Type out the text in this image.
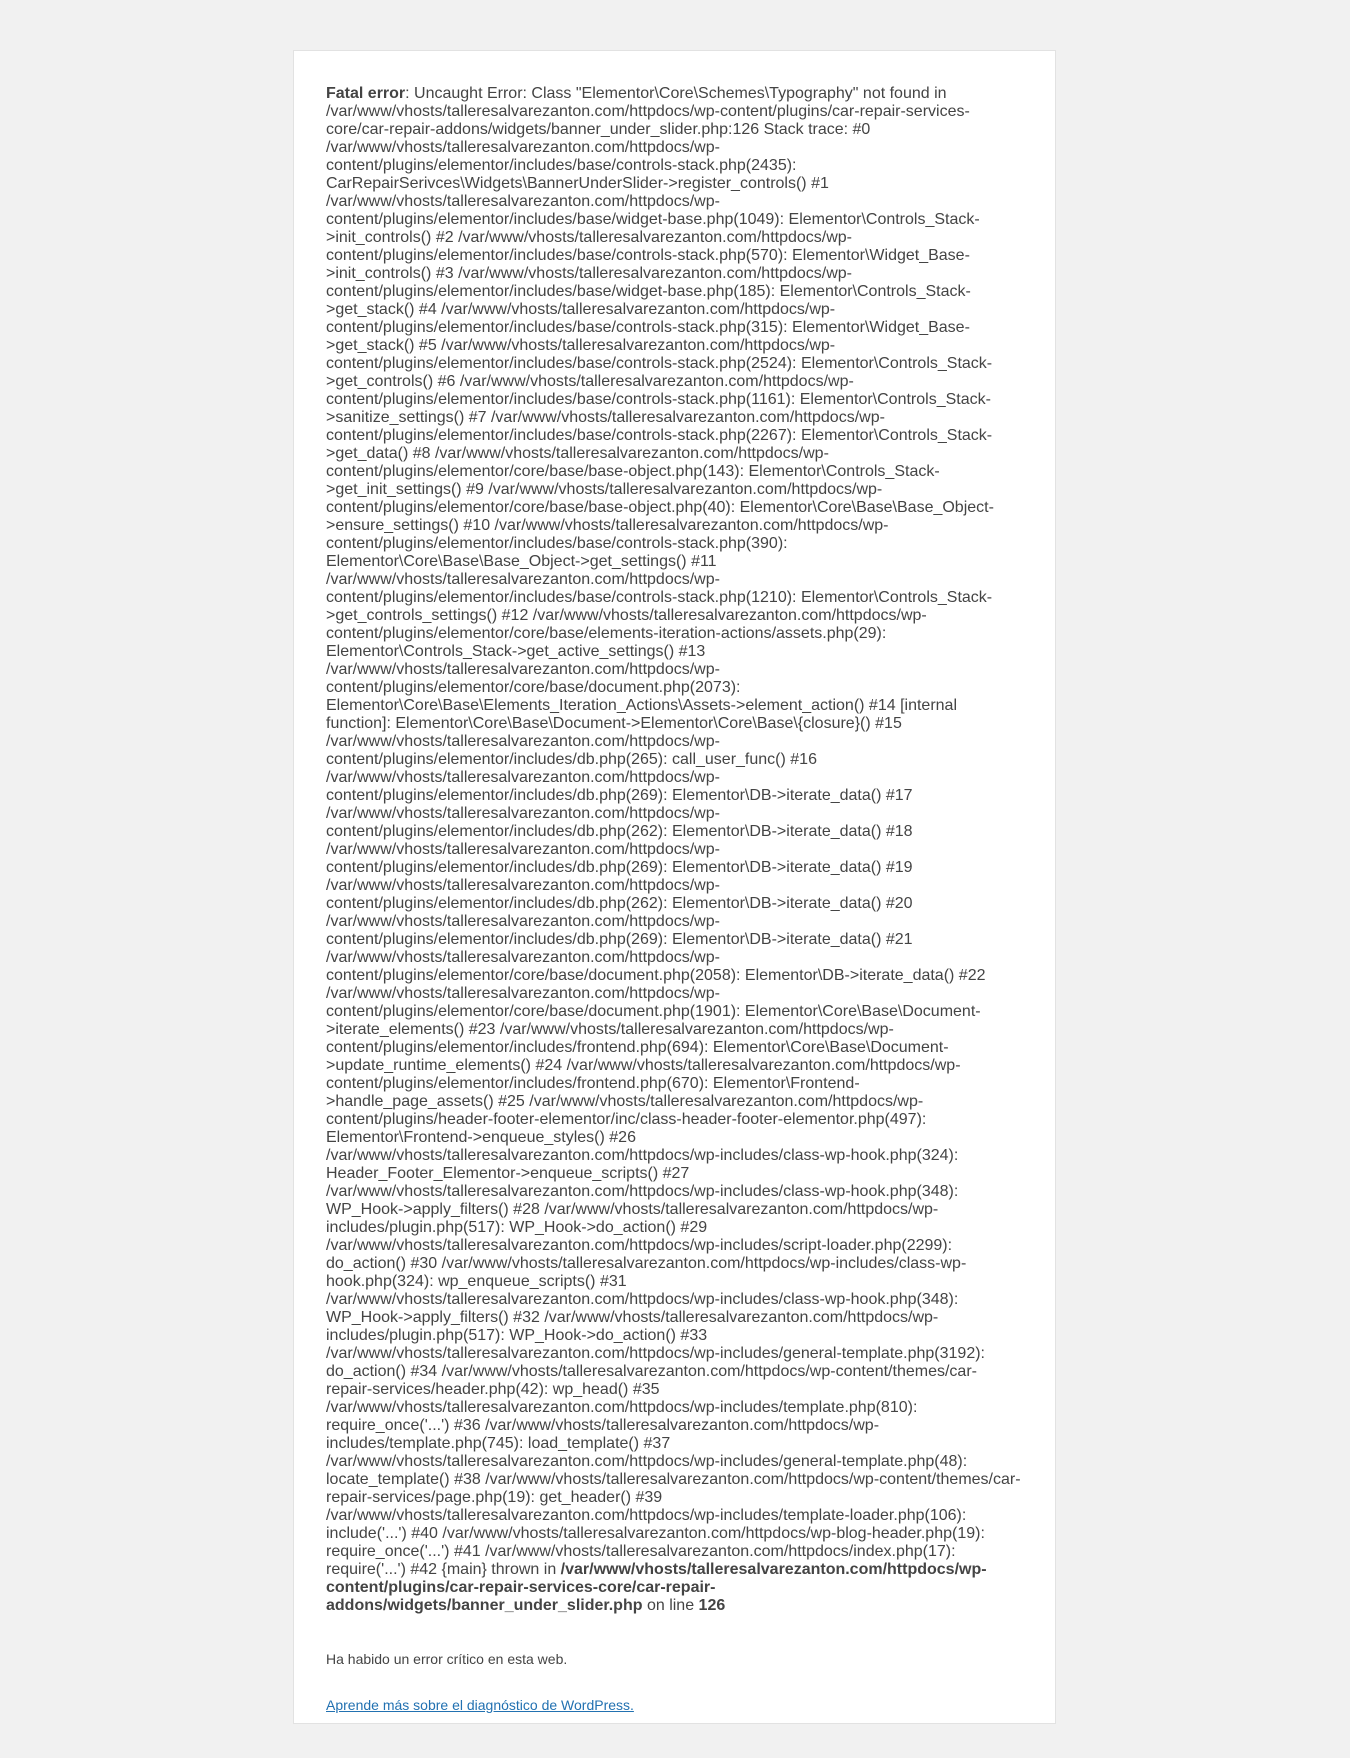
Fatal error: Uncaught Error: Class "Elementor\Core\Schemes\Typography" not found in /var/www/vhosts/talleresalvarezanton.com/httpdocs/wp-content/plugins/car-repair-services-core/car-repair-addons/widgets/banner_under_slider.php:126 Stack trace: #0 /var/www/vhosts/talleresalvarezanton.com/httpdocs/wp-content/plugins/elementor/includes/base/controls-stack.php(2435): CarRepairSerivces\Widgets\BannerUnderSlider->register_controls() #1 /var/www/vhosts/talleresalvarezanton.com/httpdocs/wp-content/plugins/elementor/includes/base/widget-base.php(1049): Elementor\Controls_Stack->init_controls() #2 /var/www/vhosts/talleresalvarezanton.com/httpdocs/wp-content/plugins/elementor/includes/base/controls-stack.php(570): Elementor\Widget_Base->init_controls() #3 /var/www/vhosts/talleresalvarezanton.com/httpdocs/wp-content/plugins/elementor/includes/base/widget-base.php(185): Elementor\Controls_Stack->get_stack() #4 /var/www/vhosts/talleresalvarezanton.com/httpdocs/wp-content/plugins/elementor/includes/base/controls-stack.php(315): Elementor\Widget_Base->get_stack() #5 /var/www/vhosts/talleresalvarezanton.com/httpdocs/wp-content/plugins/elementor/includes/base/controls-stack.php(2524): Elementor\Controls_Stack->get_controls() #6 /var/www/vhosts/talleresalvarezanton.com/httpdocs/wp-content/plugins/elementor/includes/base/controls-stack.php(1161): Elementor\Controls_Stack->sanitize_settings() #7 /var/www/vhosts/talleresalvarezanton.com/httpdocs/wp-content/plugins/elementor/includes/base/controls-stack.php(2267): Elementor\Controls_Stack->get_data() #8 /var/www/vhosts/talleresalvarezanton.com/httpdocs/wp-content/plugins/elementor/core/base/base-object.php(143): Elementor\Controls_Stack->get_init_settings() #9 /var/www/vhosts/talleresalvarezanton.com/httpdocs/wp-content/plugins/elementor/core/base/base-object.php(40): Elementor\Core\Base\Base_Object->ensure_settings() #10 /var/www/vhosts/talleresalvarezanton.com/httpdocs/wp-content/plugins/elementor/includes/base/controls-stack.php(390): Elementor\Core\Base\Base_Object->get_settings() #11 /var/www/vhosts/talleresalvarezanton.com/httpdocs/wp-content/plugins/elementor/includes/base/controls-stack.php(1210): Elementor\Controls_Stack->get_controls_settings() #12 /var/www/vhosts/talleresalvarezanton.com/httpdocs/wp-content/plugins/elementor/core/base/elements-iteration-actions/assets.php(29): Elementor\Controls_Stack->get_active_settings() #13 /var/www/vhosts/talleresalvarezanton.com/httpdocs/wp-content/plugins/elementor/core/base/document.php(2073): Elementor\Core\Base\Elements_Iteration_Actions\Assets->element_action() #14 [internal function]: Elementor\Core\Base\Document->Elementor\Core\Base\{closure}() #15 /var/www/vhosts/talleresalvarezanton.com/httpdocs/wp-content/plugins/elementor/includes/db.php(265): call_user_func() #16 /var/www/vhosts/talleresalvarezanton.com/httpdocs/wp-content/plugins/elementor/includes/db.php(269): Elementor\DB->iterate_data() #17 /var/www/vhosts/talleresalvarezanton.com/httpdocs/wp-content/plugins/elementor/includes/db.php(262): Elementor\DB->iterate_data() #18 /var/www/vhosts/talleresalvarezanton.com/httpdocs/wp-content/plugins/elementor/includes/db.php(269): Elementor\DB->iterate_data() #19 /var/www/vhosts/talleresalvarezanton.com/httpdocs/wp-content/plugins/elementor/includes/db.php(262): Elementor\DB->iterate_data() #20 /var/www/vhosts/talleresalvarezanton.com/httpdocs/wp-content/plugins/elementor/includes/db.php(269): Elementor\DB->iterate_data() #21 /var/www/vhosts/talleresalvarezanton.com/httpdocs/wp-content/plugins/elementor/core/base/document.php(2058): Elementor\DB->iterate_data() #22 /var/www/vhosts/talleresalvarezanton.com/httpdocs/wp-content/plugins/elementor/core/base/document.php(1901): Elementor\Core\Base\Document->iterate_elements() #23 /var/www/vhosts/talleresalvarezanton.com/httpdocs/wp-content/plugins/elementor/includes/frontend.php(694): Elementor\Core\Base\Document->update_runtime_elements() #24 /var/www/vhosts/talleresalvarezanton.com/httpdocs/wp-content/plugins/elementor/includes/frontend.php(670): Elementor\Frontend->handle_page_assets() #25 /var/www/vhosts/talleresalvarezanton.com/httpdocs/wp-content/plugins/header-footer-elementor/inc/class-header-footer-elementor.php(497): Elementor\Frontend->enqueue_styles() #26 /var/www/vhosts/talleresalvarezanton.com/httpdocs/wp-includes/class-wp-hook.php(324): Header_Footer_Elementor->enqueue_scripts() #27 /var/www/vhosts/talleresalvarezanton.com/httpdocs/wp-includes/class-wp-hook.php(348): WP_Hook->apply_filters() #28 /var/www/vhosts/talleresalvarezanton.com/httpdocs/wp-includes/plugin.php(517): WP_Hook->do_action() #29 /var/www/vhosts/talleresalvarezanton.com/httpdocs/wp-includes/script-loader.php(2299): do_action() #30 /var/www/vhosts/talleresalvarezanton.com/httpdocs/wp-includes/class-wp-hook.php(324): wp_enqueue_scripts() #31 /var/www/vhosts/talleresalvarezanton.com/httpdocs/wp-includes/class-wp-hook.php(348): WP_Hook->apply_filters() #32 /var/www/vhosts/talleresalvarezanton.com/httpdocs/wp-includes/plugin.php(517): WP_Hook->do_action() #33 /var/www/vhosts/talleresalvarezanton.com/httpdocs/wp-includes/general-template.php(3192): do_action() #34 /var/www/vhosts/talleresalvarezanton.com/httpdocs/wp-content/themes/car-repair-services/header.php(42): wp_head() #35 /var/www/vhosts/talleresalvarezanton.com/httpdocs/wp-includes/template.php(810): require_once('...') #36 /var/www/vhosts/talleresalvarezanton.com/httpdocs/wp-includes/template.php(745): load_template() #37 /var/www/vhosts/talleresalvarezanton.com/httpdocs/wp-includes/general-template.php(48): locate_template() #38 /var/www/vhosts/talleresalvarezanton.com/httpdocs/wp-content/themes/car-repair-services/page.php(19): get_header() #39 /var/www/vhosts/talleresalvarezanton.com/httpdocs/wp-includes/template-loader.php(106): include('...') #40 /var/www/vhosts/talleresalvarezanton.com/httpdocs/wp-blog-header.php(19): require_once('...') #41 /var/www/vhosts/talleresalvarezanton.com/httpdocs/index.php(17): require('...') #42 {main} thrown in /var/www/vhosts/talleresalvarezanton.com/httpdocs/wp-content/plugins/car-repair-services-core/car-repair-addons/widgets/banner_under_slider.php on line 126

Ha habido un error crítico en esta web.

Aprende más sobre el diagnóstico de WordPress.
